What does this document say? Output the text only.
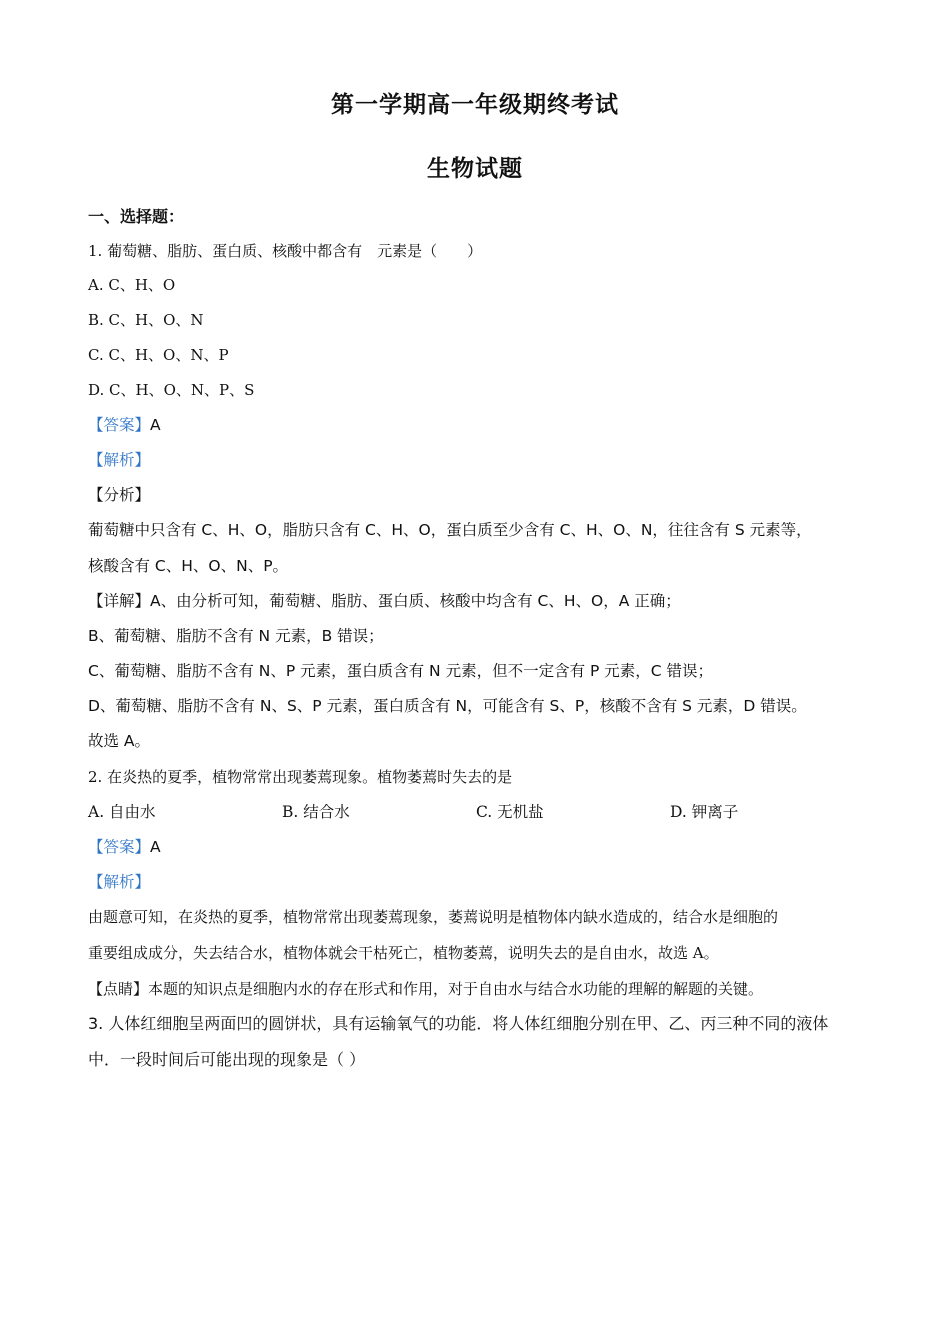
第一学期高一年级期终考试
生物试题
一、选择题：
1. 葡萄糖、脂肪、蛋白质、核酸中都含有　元素是（　　）
A. C、H、O
B. C、H、O、N
C. C、H、O、N、P
D. C、H、O、N、P、S
【答案】A
【解析】
【分析】
葡萄糖中只含有 C、H、O，脂肪只含有 C、H、O，蛋白质至少含有 C、H、O、N，往往含有 S 元素等，
核酸含有 C、H、O、N、P。
【详解】A、由分析可知，葡萄糖、脂肪、蛋白质、核酸中均含有 C、H、O，A 正确；
B、葡萄糖、脂肪不含有 N 元素，B 错误；
C、葡萄糖、脂肪不含有 N、P 元素，蛋白质含有 N 元素，但不一定含有 P 元素，C 错误；
D、葡萄糖、脂肪不含有 N、S、P 元素，蛋白质含有 N，可能含有 S、P，核酸不含有 S 元素，D 错误。
故选 A。
2. 在炎热的夏季，植物常常出现萎蔫现象。植物萎蔫时失去的是
A. 自由水	B. 结合水	C. 无机盐	D. 钾离子
【答案】A
【解析】
由题意可知，在炎热的夏季，植物常常出现萎蔫现象，萎蔫说明是植物体内缺水造成的，结合水是细胞的
重要组成成分，失去结合水，植物体就会干枯死亡，植物萎蔫，说明失去的是自由水，故选 A。
【点睛】本题的知识点是细胞内水的存在形式和作用，对于自由水与结合水功能的理解的解题的关键。
3. 人体红细胞呈两面凹的圆饼状，具有运输氧气的功能．将人体红细胞分别在甲、乙、丙三种不同的液体
中．一段时间后可能出现的现象是（ ）
